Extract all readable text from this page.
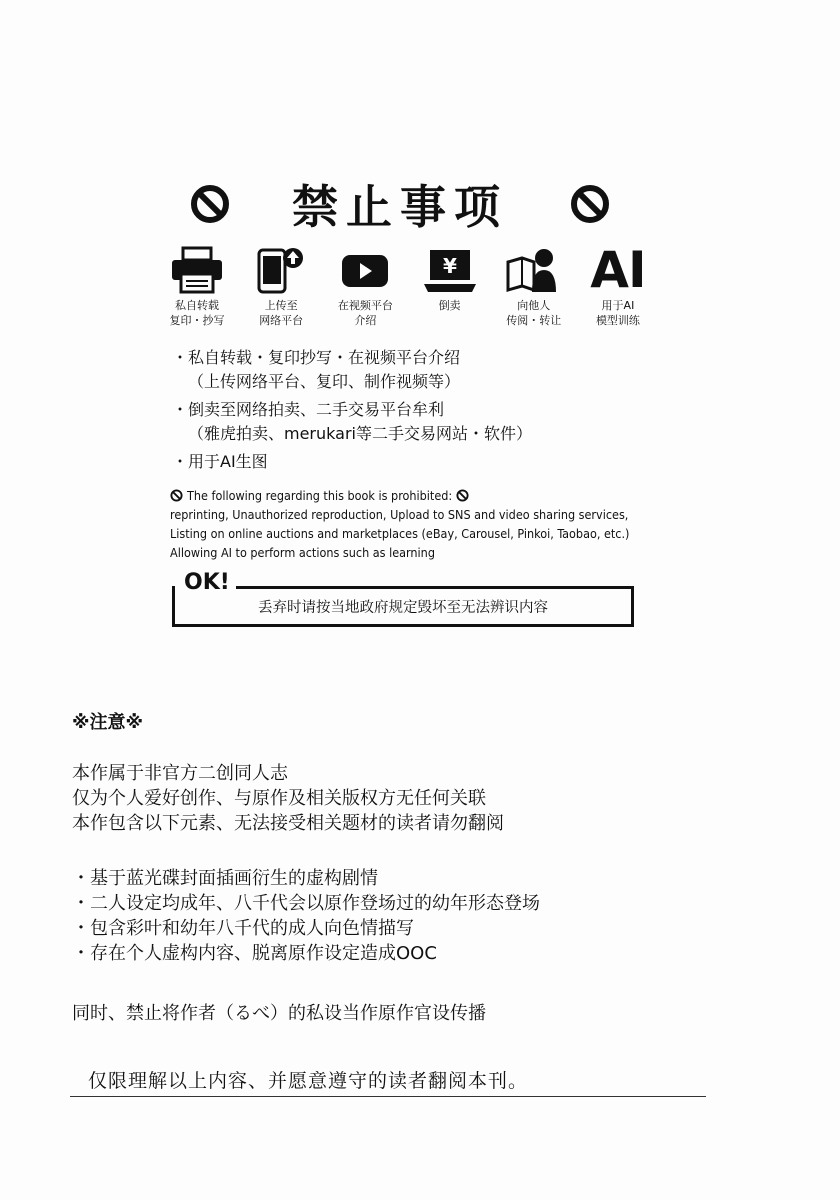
禁止事项
私自转载
复印・抄写
上传至
网络平台
在视频平台
介绍
¥
倒卖	向他人
传阅・转让
AI
用于AI
模型训练

・私自转载・复印抄写・在视频平台介绍

（上传网络平台、复印、制作视频等）

・倒卖至网络拍卖、二手交易平台牟利

（雅虎拍卖、merukari等二手交易网站・软件）

・用于AI生图

The following regarding this book is prohibited:

reprinting, Unauthorized reproduction, Upload to SNS and video sharing services,

Listing on online auctions and marketplaces (eBay, Carousel, Pinkoi, Taobao, etc.)

Allowing AI to perform actions such as learning

OK!
丢弃时请按当地政府规定毁坏至无法辨识内容

※注意※

本作属于非官方二创同人志

仅为个人爱好创作、与原作及相关版权方无任何关联

本作包含以下元素、无法接受相关题材的读者请勿翻阅

・基于蓝光碟封面插画衍生的虚构剧情

・二人设定均成年、八千代会以原作登场过的幼年形态登场

・包含彩叶和幼年八千代的成人向色情描写

・存在个人虚构内容、脱离原作设定造成OOC

同时、禁止将作者（るべ）的私设当作原作官设传播

仅限理解以上内容、并愿意遵守的读者翻阅本刊。
